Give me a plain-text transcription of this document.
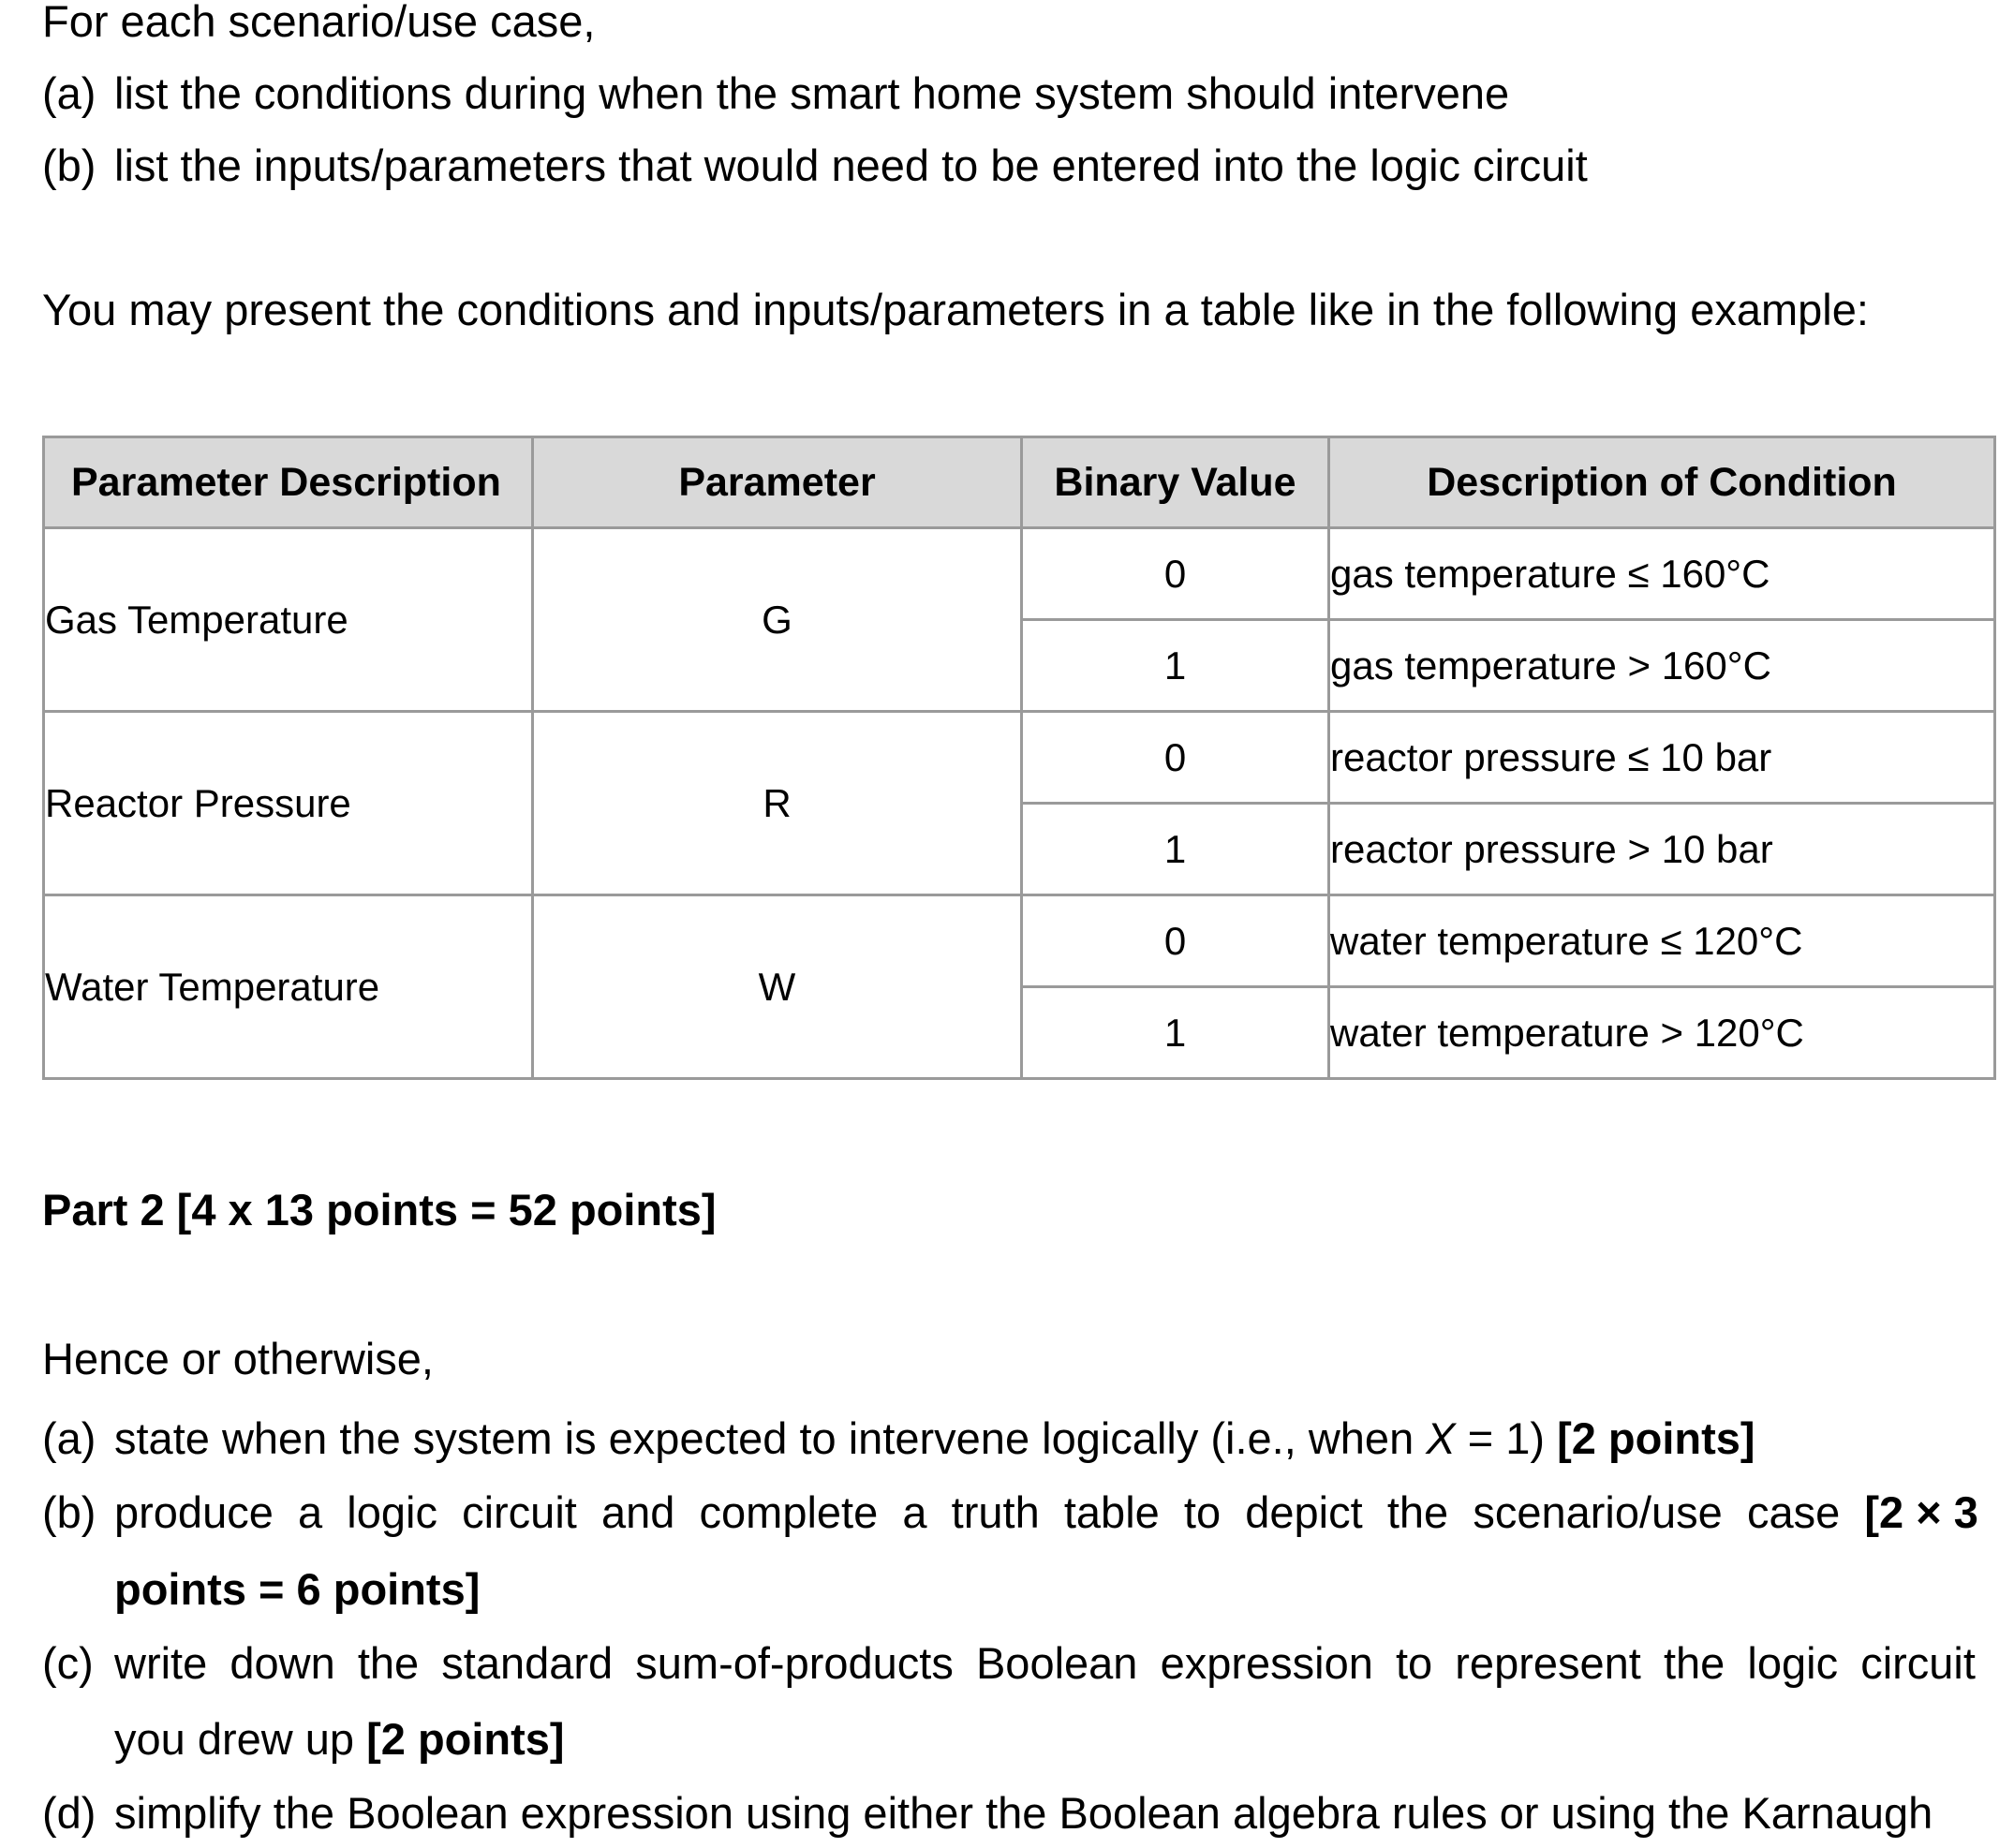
For each scenario/use case,
(a) list the conditions during when the smart home system should intervene
(b) list the inputs/parameters that would need to be entered into the logic circuit
You may present the conditions and inputs/parameters in a table like in the following example:
Parameter Description	Parameter	Binary Value	Description of Condition
Gas Temperature	G	0	gas temperature ≤ 160°C
		1	gas temperature > 160°C
Reactor Pressure	R	0	reactor pressure ≤ 10 bar
		1	reactor pressure > 10 bar
Water Temperature	W	0	water temperature ≤ 120°C
		1	water temperature > 120°C
Part 2 [4 x 13 points = 52 points]
Hence or otherwise,
(a) state when the system is expected to intervene logically (i.e., when X = 1) [2 points]
(b) produce a logic circuit and complete a truth table to depict the scenario/use case [2 × 3
points = 6 points]
(c) write down the standard sum-of-products Boolean expression to represent the logic circuit
you drew up [2 points]
(d) simplify the Boolean expression using either the Boolean algebra rules or using the Karnaugh
